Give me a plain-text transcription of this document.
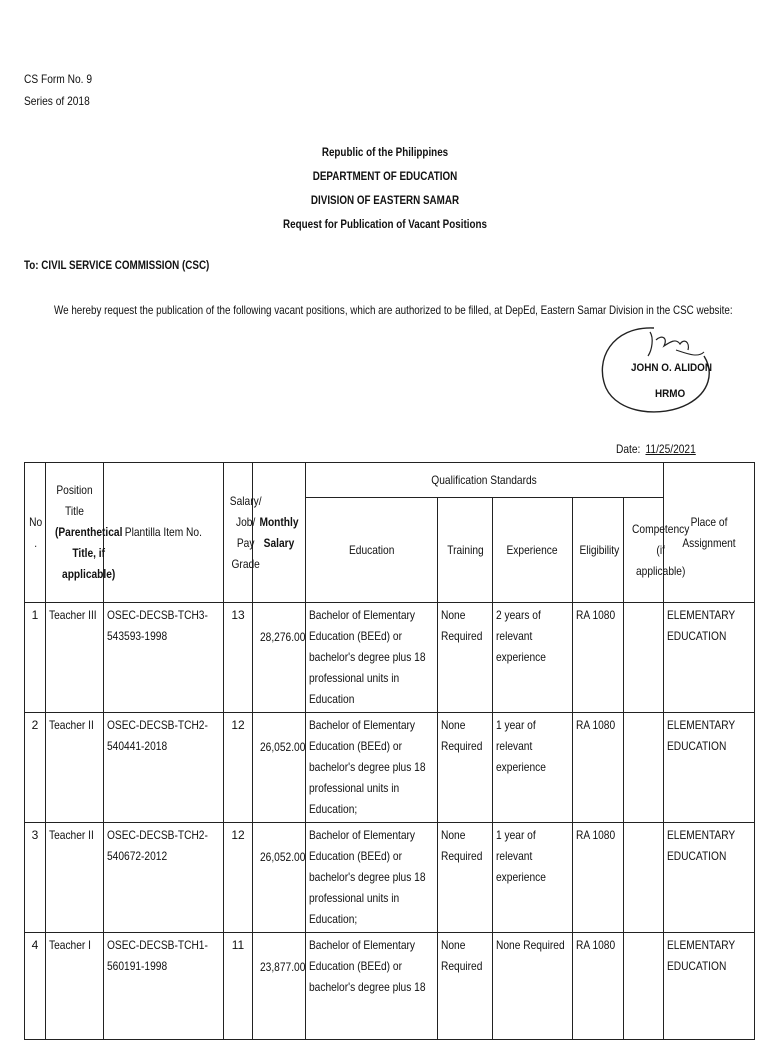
CS Form No. 9
Series of 2018
Republic of the Philippines
DEPARTMENT OF EDUCATION
DIVISION OF EASTERN SAMAR
Request for Publication of Vacant Positions
To: CIVIL SERVICE COMMISSION (CSC)
We hereby request the publication of the following vacant positions, which are authorized to be filled, at DepEd, Eastern Samar Division in the CSC website:
JOHN O. ALIDON
HRMO
Date: 11/25/2021
No .	Position Title (Parenthetical Title, if applicable)	Plantilla Item No.	Salary/ Job/ Pay Grade	Monthly Salary	Qualification Standards					Place of Assignment
					Education	Training	Experience	Eligibility	Competency (if applicable)	
1	Teacher III	OSEC-DECSB-TCH3-543593-1998	13	28,276.00	Bachelor of Elementary Education (BEEd) or bachelor's degree plus 18 professional units in Education	None Required	2 years of relevant experience	RA 1080		ELEMENTARY EDUCATION
2	Teacher II	OSEC-DECSB-TCH2-540441-2018	12	26,052.00	Bachelor of Elementary Education (BEEd) or bachelor's degree plus 18 professional units in Education;	None Required	1 year of relevant experience	RA 1080		ELEMENTARY EDUCATION
3	Teacher II	OSEC-DECSB-TCH2-540672-2012	12	26,052.00	Bachelor of Elementary Education (BEEd) or bachelor's degree plus 18 professional units in Education;	None Required	1 year of relevant experience	RA 1080		ELEMENTARY EDUCATION
4	Teacher I	OSEC-DECSB-TCH1-560191-1998	11	23,877.00	Bachelor of Elementary Education (BEEd) or bachelor's degree plus 18	None Required	None Required	RA 1080		ELEMENTARY EDUCATION
